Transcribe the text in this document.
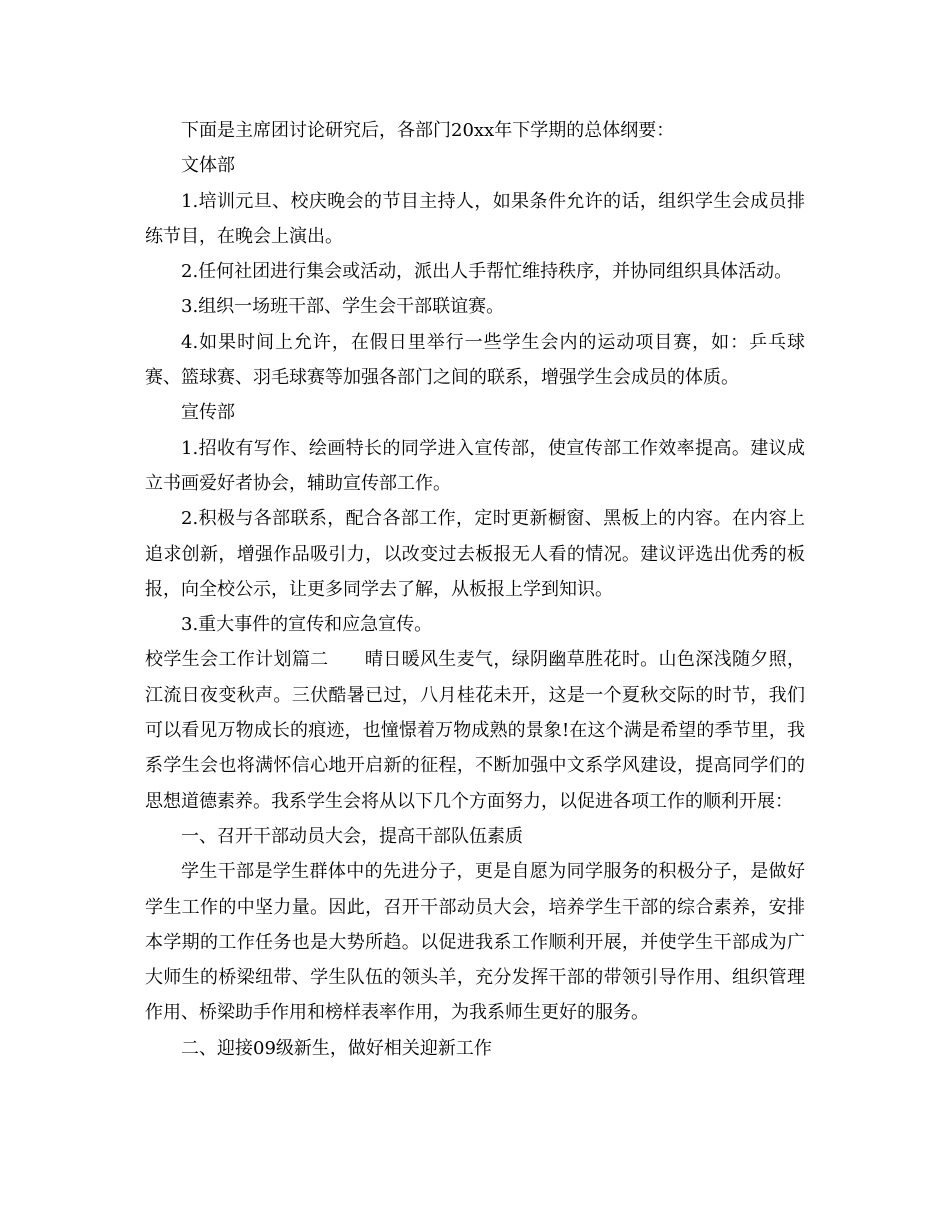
下面是主席团讨论研究后，各部门20xx年下学期的总体纲要：

文体部

1.培训元旦、校庆晚会的节目主持人，如果条件允许的话，组织学生会成员排练节目，在晚会上演出。

2.任何社团进行集会或活动，派出人手帮忙维持秩序，并协同组织具体活动。

3.组织一场班干部、学生会干部联谊赛。

4.如果时间上允许，在假日里举行一些学生会内的运动项目赛，如：乒乓球赛、篮球赛、羽毛球赛等加强各部门之间的联系，增强学生会成员的体质。

宣传部

1.招收有写作、绘画特长的同学进入宣传部，使宣传部工作效率提高。建议成立书画爱好者协会，辅助宣传部工作。

2.积极与各部联系，配合各部工作，定时更新橱窗、黑板上的内容。在内容上追求创新，增强作品吸引力，以改变过去板报无人看的情况。建议评选出优秀的板报，向全校公示，让更多同学去了解，从板报上学到知识。

3.重大事件的宣传和应急宣传。

校学生会工作计划篇二 晴日暖风生麦气，绿阴幽草胜花时。山色深浅随夕照，江流日夜变秋声。三伏酷暑已过，八月桂花未开，这是一个夏秋交际的时节，我们可以看见万物成长的痕迹，也憧憬着万物成熟的景象!在这个满是希望的季节里，我系学生会也将满怀信心地开启新的征程，不断加强中文系学风建设，提高同学们的思想道德素养。我系学生会将从以下几个方面努力，以促进各项工作的顺利开展：

一、召开干部动员大会，提高干部队伍素质

学生干部是学生群体中的先进分子，更是自愿为同学服务的积极分子，是做好学生工作的中坚力量。因此，召开干部动员大会，培养学生干部的综合素养，安排本学期的工作任务也是大势所趋。以促进我系工作顺利开展，并使学生干部成为广大师生的桥梁纽带、学生队伍的领头羊，充分发挥干部的带领引导作用、组织管理作用、桥梁助手作用和榜样表率作用，为我系师生更好的服务。

二、迎接09级新生，做好相关迎新工作
